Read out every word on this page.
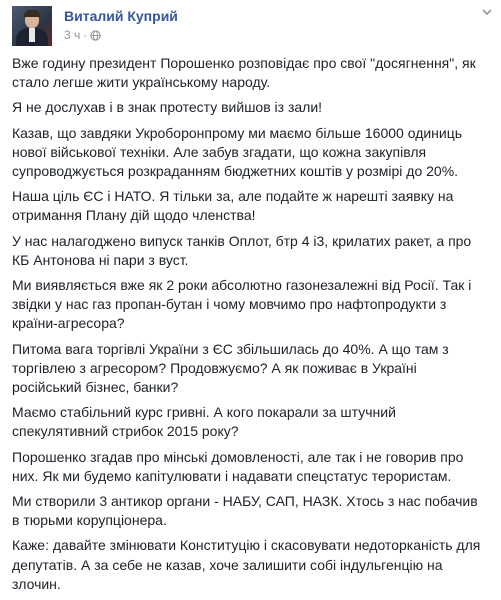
Виталий Куприй
3 ч ·

Вже годину президент Порошенко розповідає про свої "досягнення", як
стало легше жити українському народу.

Я не дослухав і в знак протесту вийшов із зали!

Казав, що завдяки Укроборонпрому ми маємо більше 16000 одиниць
нової військової техніки. Але забув згадати, що кожна закупівля
супроводжується розкраданням бюджетних коштів у розмірі до 20%.

Наша ціль ЄС і НАТО. Я тільки за, але подайте ж нарешті заявку на
отримання Плану дій щодо членства!

У нас налагоджено випуск танків Оплот, бтр 4 і3, крилатих ракет, а про
КБ Антонова ні пари з вуст.

Ми виявляється вже як 2 роки абсолютно газонезалежні від Росії. Так і
звідки у нас газ пропан-бутан і чому мовчимо про нафтопродукти з
країни-агресора?

Питома вага торгівлі України з ЄС збільшилась до 40%. А що там з
торгівлею з агресором? Продовжуємо? А як поживає в Україні
російський бізнес, банки?

Маємо стабільний курс гривні. А кого покарали за штучний
спекулятивний стрибок 2015 року?

Порошенко згадав про мінські домовленості, але так і не говорив про
них. Як ми будемо капітулювати і надавати спецстатус терористам.

Ми створили 3 антикор органи - НАБУ, САП, НАЗК. Хтось з нас побачив
в тюрьми корупціонера.

Каже: давайте змінювати Конституцію і скасовувати недоторканість для
депутатів. А за себе не казав, хоче залишити собі індульгенцію на
злочин.
